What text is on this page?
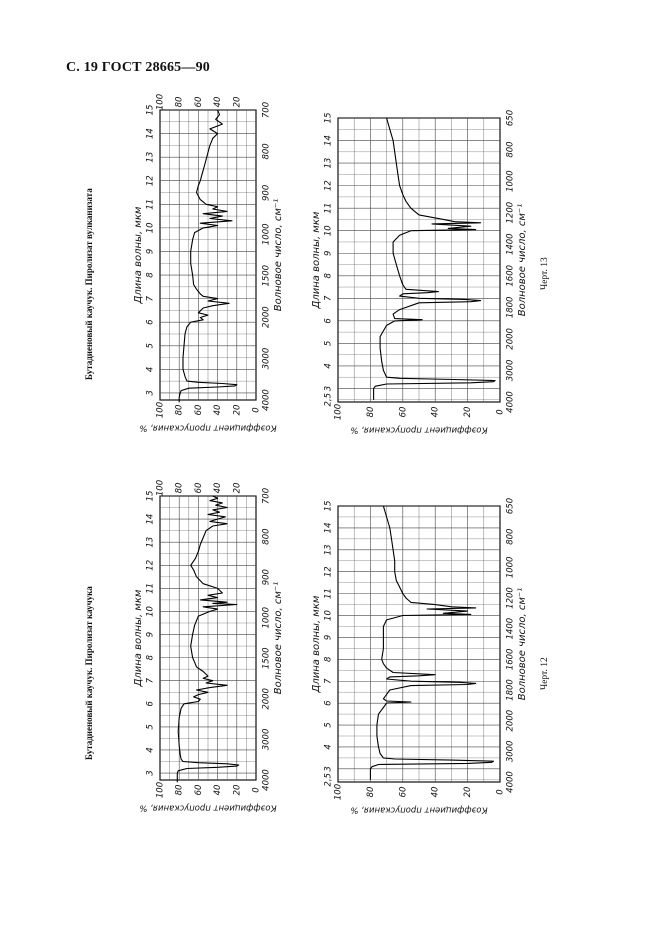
С. 19 ГОСТ 28665—90
Бутадиеновый каучук. Пиролизат каучука
Бутадиеновый каучук. Пиролизат вулканизата
Черт. 12
Черт. 13
3
4
5
6
7
8
9
10
11
12
13
14
15
Длина волны, мкм
4000
3000
2000
1500
1000
900
800
700
Волновое число, см⁻¹
100 80 60 40 20 0
100 80 60 40 20
Коэффициент пропускания, %
2,5
3
4
5
6
7
8
9
10
11
12
13
14
15
Длина волны, мкм
4000
3000
2000
1800
1600
1400
1200
1000
800
650
Волновое число, см⁻¹
100	80	60	40	20	0
Коэффициент пропускания, %
3
4
5
6
7
8
9
10
11
12
13
14
15
Длина волны, мкм
4000
3000
2000
1500
1000
900
800
700
Волновое число, см⁻¹
100 80 60 40 20 0
100 80 60 40 20
Коэффициент пропускания, %
2,5
3
4
5
6
7
8
9
10
11
12
13
14
15
Длина волны, мкм
4000
3000
2000
1800
1600
1400
1200
1000
800
650
Волновое число, см⁻¹
100	80	60	40	20	0
Коэффициент пропускания, %
